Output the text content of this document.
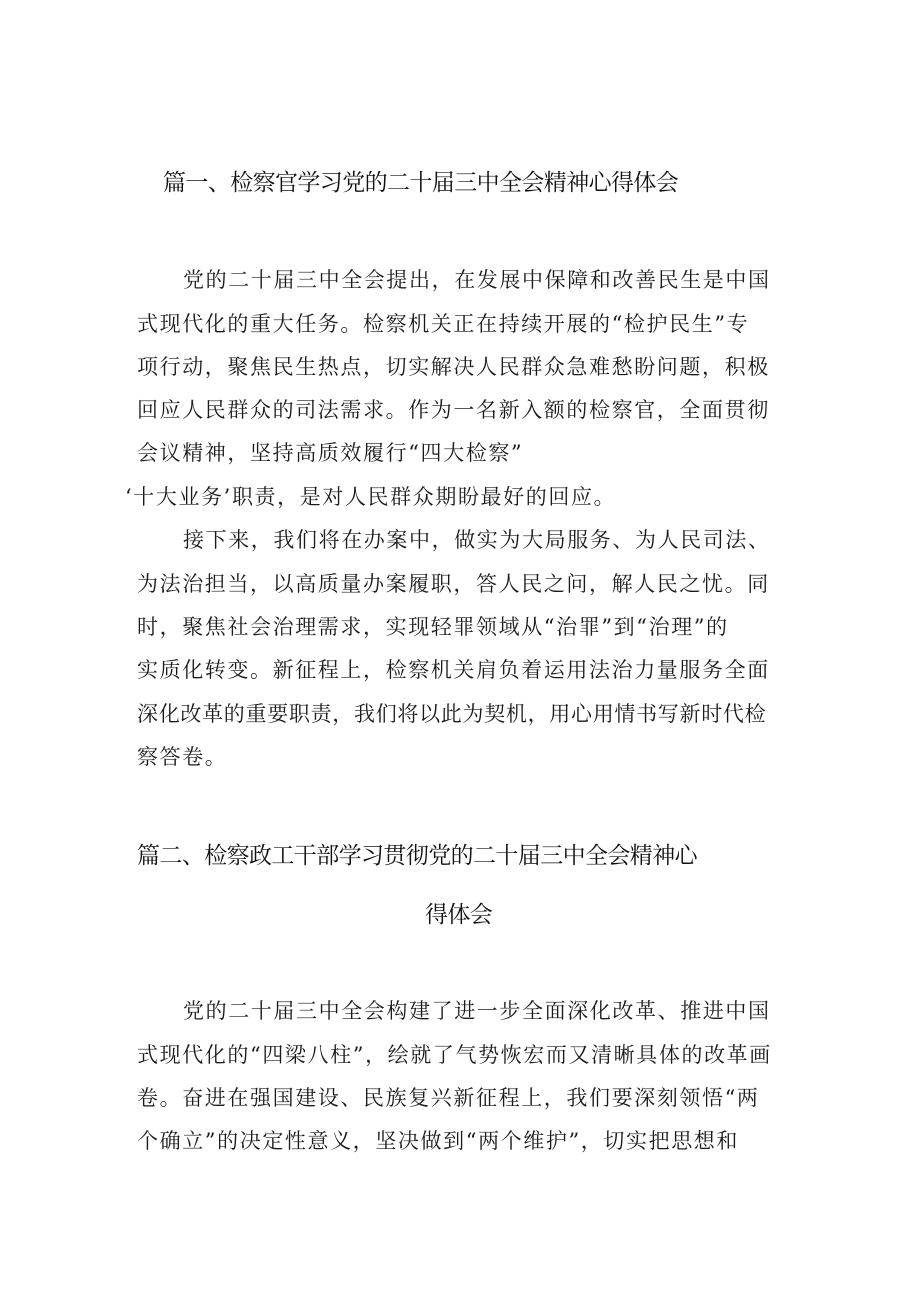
篇一、检察官学习党的二十届三中全会精神心得体会

党的二十届三中全会提出，在发展中保障和改善民生是中国

式现代化的重大任务。检察机关正在持续开展的“检护民生”专

项行动，聚焦民生热点，切实解决人民群众急难愁盼问题，积极

回应人民群众的司法需求。作为一名新入额的检察官，全面贯彻

会议精神，坚持高质效履行“四大检察”

‘十大业务’职责，是对人民群众期盼最好的回应。

接下来，我们将在办案中，做实为大局服务、为人民司法、

为法治担当，以高质量办案履职，答人民之问，解人民之忧。同

时，聚焦社会治理需求，实现轻罪领域从“治罪”到“治理”的

实质化转变。新征程上，检察机关肩负着运用法治力量服务全面

深化改革的重要职责，我们将以此为契机，用心用情书写新时代检

察答卷。

篇二、检察政工干部学习贯彻党的二十届三中全会精神心
得体会

党的二十届三中全会构建了进一步全面深化改革、推进中国

式现代化的“四梁八柱”，绘就了气势恢宏而又清晰具体的改革画

卷。奋进在强国建设、民族复兴新征程上，我们要深刻领悟“两

个确立”的决定性意义，坚决做到“两个维护”，切实把思想和
